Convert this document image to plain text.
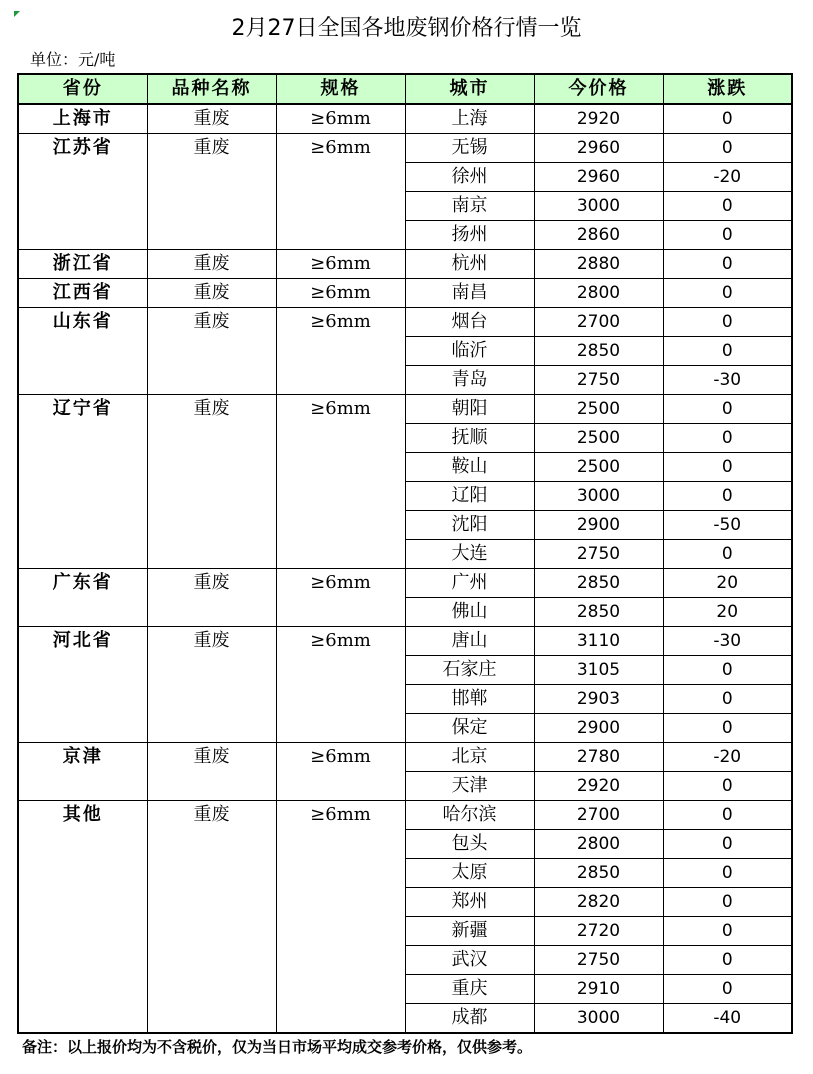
2月27日全国各地废钢价格行情一览
单位：元/吨
省份	品种名称	规格	城市	今价格	涨跌
上海市	重废	≥6mm	上海	2920	0
江苏省	重废	≥6mm	无锡	2960	0
			徐州	2960	-20
			南京	3000	0
			扬州	2860	0
浙江省	重废	≥6mm	杭州	2880	0
江西省	重废	≥6mm	南昌	2800	0
山东省	重废	≥6mm	烟台	2700	0
			临沂	2850	0
			青岛	2750	-30
辽宁省	重废	≥6mm	朝阳	2500	0
			抚顺	2500	0
			鞍山	2500	0
			辽阳	3000	0
			沈阳	2900	-50
			大连	2750	0
广东省	重废	≥6mm	广州	2850	20
			佛山	2850	20
河北省	重废	≥6mm	唐山	3110	-30
			石家庄	3105	0
			邯郸	2903	0
			保定	2900	0
京津	重废	≥6mm	北京	2780	-20
			天津	2920	0
其他	重废	≥6mm	哈尔滨	2700	0
			包头	2800	0
			太原	2850	0
			郑州	2820	0
			新疆	2720	0
			武汉	2750	0
			重庆	2910	0
			成都	3000	-40
备注：以上报价均为不含税价，仅为当日市场平均成交参考价格，仅供参考。
